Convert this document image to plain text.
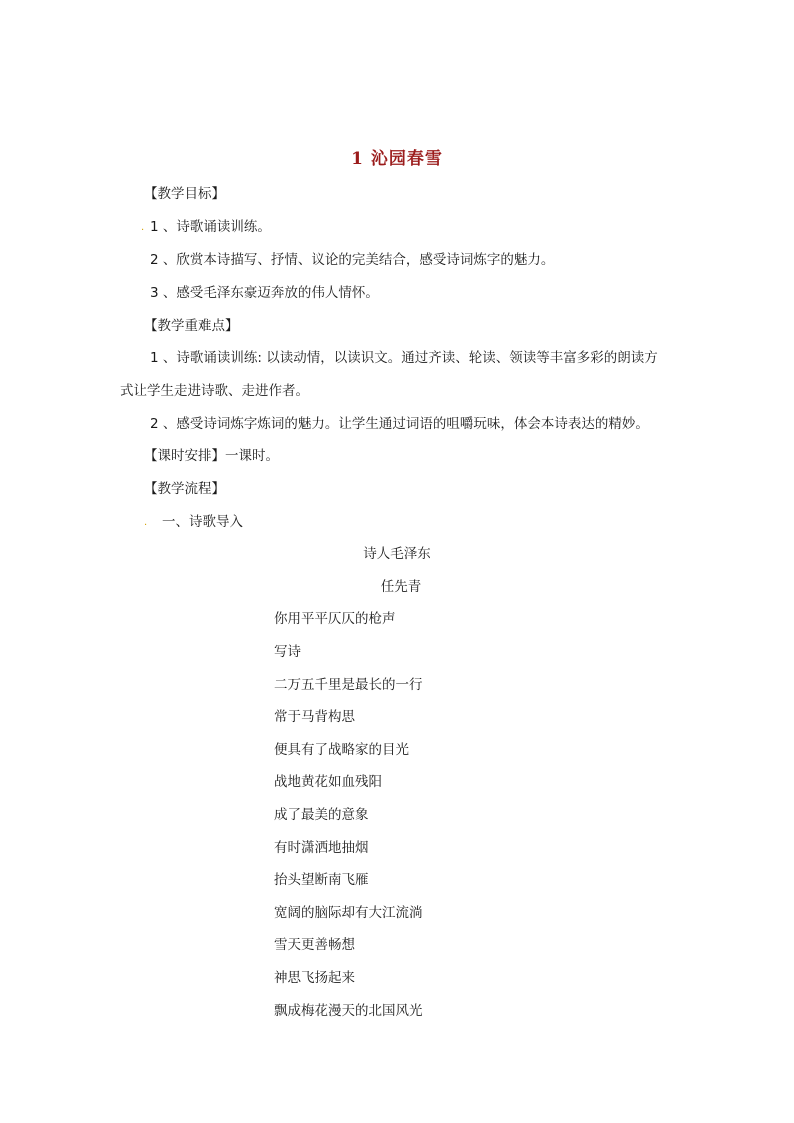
1 沁园春雪
【教学目标】
. 1 、诗歌诵读训练。
2 、欣赏本诗描写、抒情、议论的完美结合，感受诗词炼字的魅力。
3 、感受毛泽东豪迈奔放的伟人情怀。
【教学重难点】
1 、诗歌诵读训练: 以读动情，以读识文。通过齐读、轮读、领读等丰富多彩的朗读方
式让学生走进诗歌、走进作者。
2 、感受诗词炼字炼词的魅力。让学生通过词语的咀嚼玩味，体会本诗表达的精妙。
【课时安排】一课时。
【教学流程】
. 一、诗歌导入
诗人毛泽东
任先青
你用平平仄仄的枪声
写诗
二万五千里是最长的一行
常于马背构思
便具有了战略家的目光
战地黄花如血残阳
成了最美的意象
有时潇洒地抽烟
抬头望断南飞雁
宽阔的脑际却有大江流淌
雪天更善畅想
神思飞扬起来
飘成梅花漫天的北国风光
